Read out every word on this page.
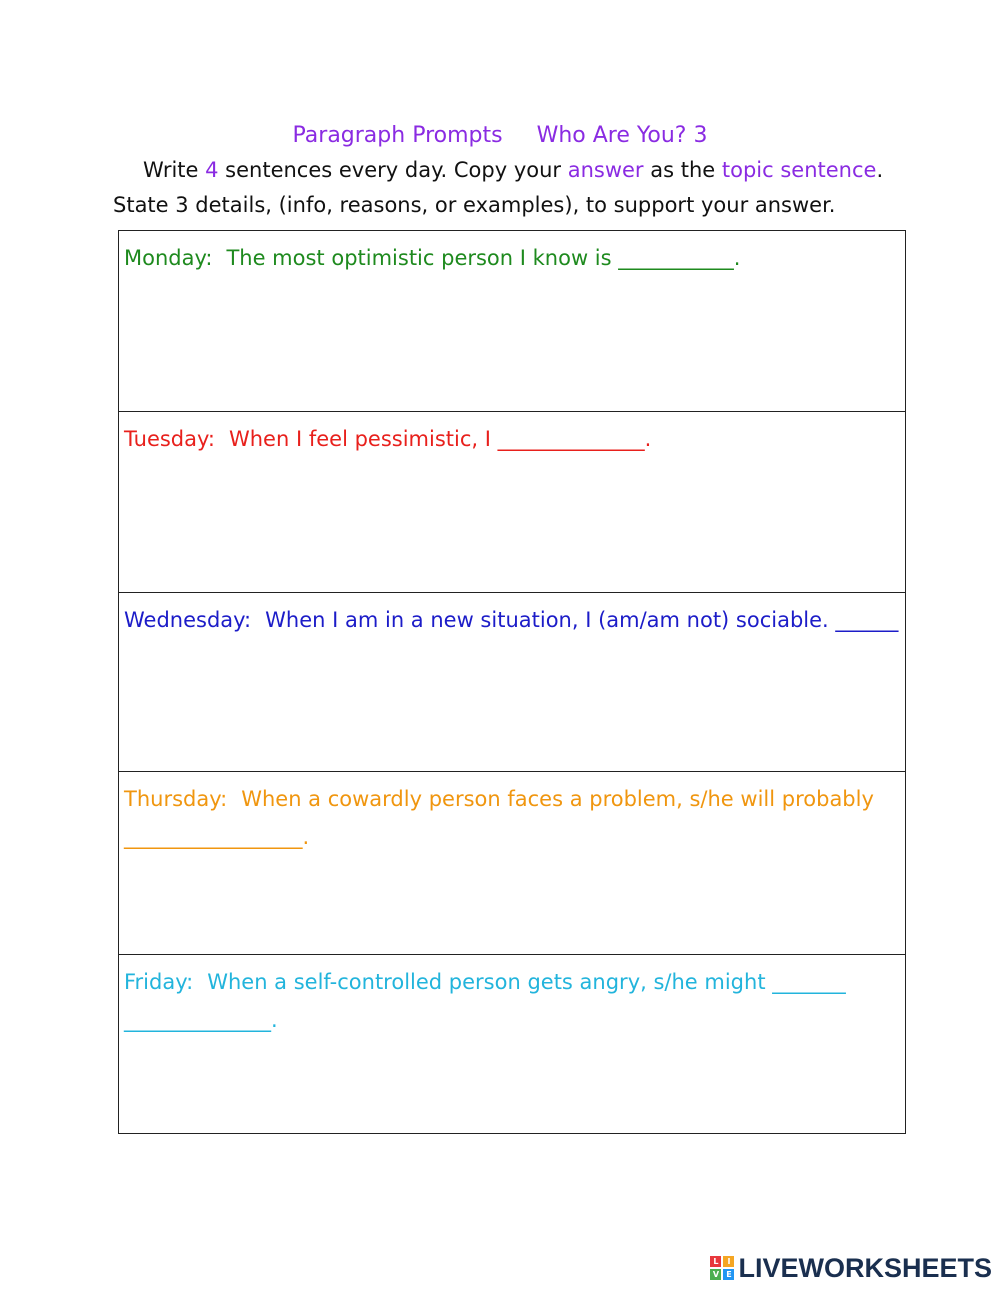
Paragraph Prompts Who Are You? 3
Write 4 sentences every day. Copy your answer as the topic sentence.
State 3 details, (info, reasons, or examples), to support your answer.
Monday: The most optimistic person I know is ___________.
Tuesday: When I feel pessimistic, I ______________.
Wednesday: When I am in a new situation, I (am/am not) sociable. ______
Thursday: When a cowardly person faces a problem, s/he will probably _________________.
Friday: When a self-controlled person gets angry, s/he might _______ ______________.
L	I
V E LIVEWORKSHEETS
